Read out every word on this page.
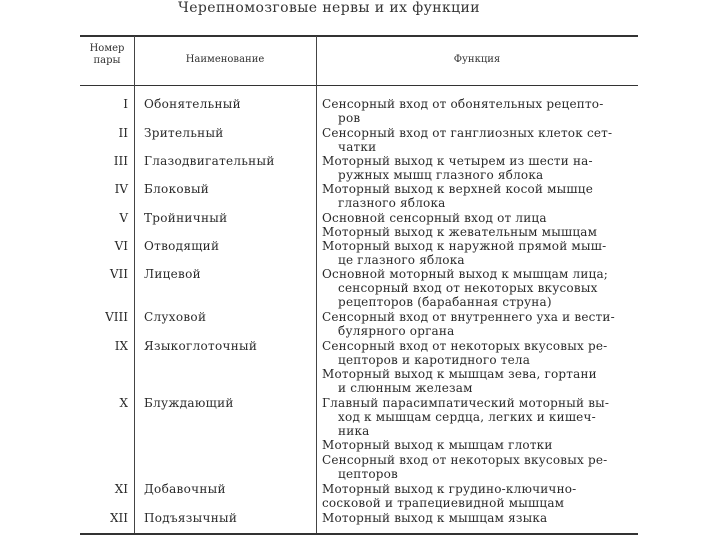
Черепномозговые нервы и их функции
Номер пары	Наименование	Функция
I Обонятельный	Сенсорный вход от обонятельных рецепто-
ров
II Зрительный	Сенсорный вход от ганглиозных клеток сет-
чатки
III Глазодвигательный	Моторный выход к четырем из шести на-
ружных мышц глазного яблока
IV Блоковый	Моторный выход к верхней косой мышце
глазного яблока
V Тройничный	Основной сенсорный вход от лица
Моторный выход к жевательным мышцам
VI Отводящий	Моторный выход к наружной прямой мыш-
це глазного яблока
VII Лицевой	Основной моторный выход к мышцам лица;
сенсорный вход от некоторых вкусовых
рецепторов (барабанная струна)
VIII Слуховой	Сенсорный вход от внутреннего уха и вести-
булярного органа
IX Языкоглоточный	Сенсорный вход от некоторых вкусовых ре-
цепторов и каротидного тела
Моторный выход к мышцам зева, гортани
и слюнным железам
X Блуждающий	Главный парасимпатический моторный вы-
ход к мышцам сердца, легких и кишеч-
ника
Моторный выход к мышцам глотки
Сенсорный вход от некоторых вкусовых ре-
цепторов
XI Добавочный	Моторный выход к грудино-ключично-сосковой и трапециевидной мышцам
XII Подъязычный	Моторный выход к мышцам языка
